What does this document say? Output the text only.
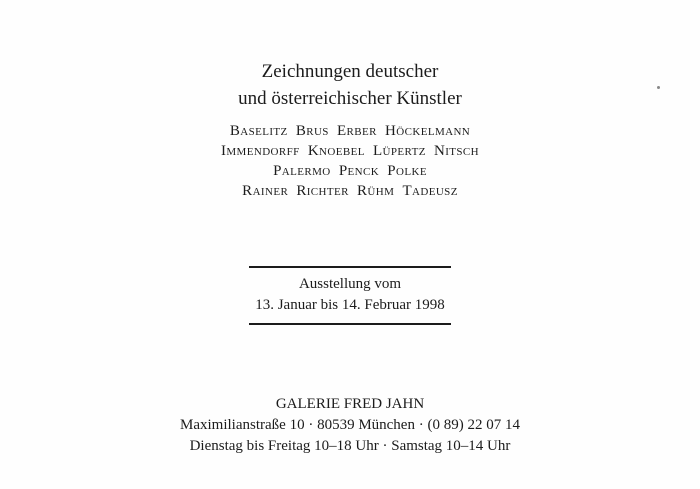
Zeichnungen deutscher
und österreichischer Künstler
Baselitz Brus Erber Höckelmann
Immendorff Knoebel Lüpertz Nitsch
Palermo Penck Polke
Rainer Richter Rühm Tadeusz
Ausstellung vom
13. Januar bis 14. Februar 1998
GALERIE FRED JAHN
Maximilianstraße 10 · 80539 München · (0 89) 22 07 14
Dienstag bis Freitag 10–18 Uhr · Samstag 10–14 Uhr
